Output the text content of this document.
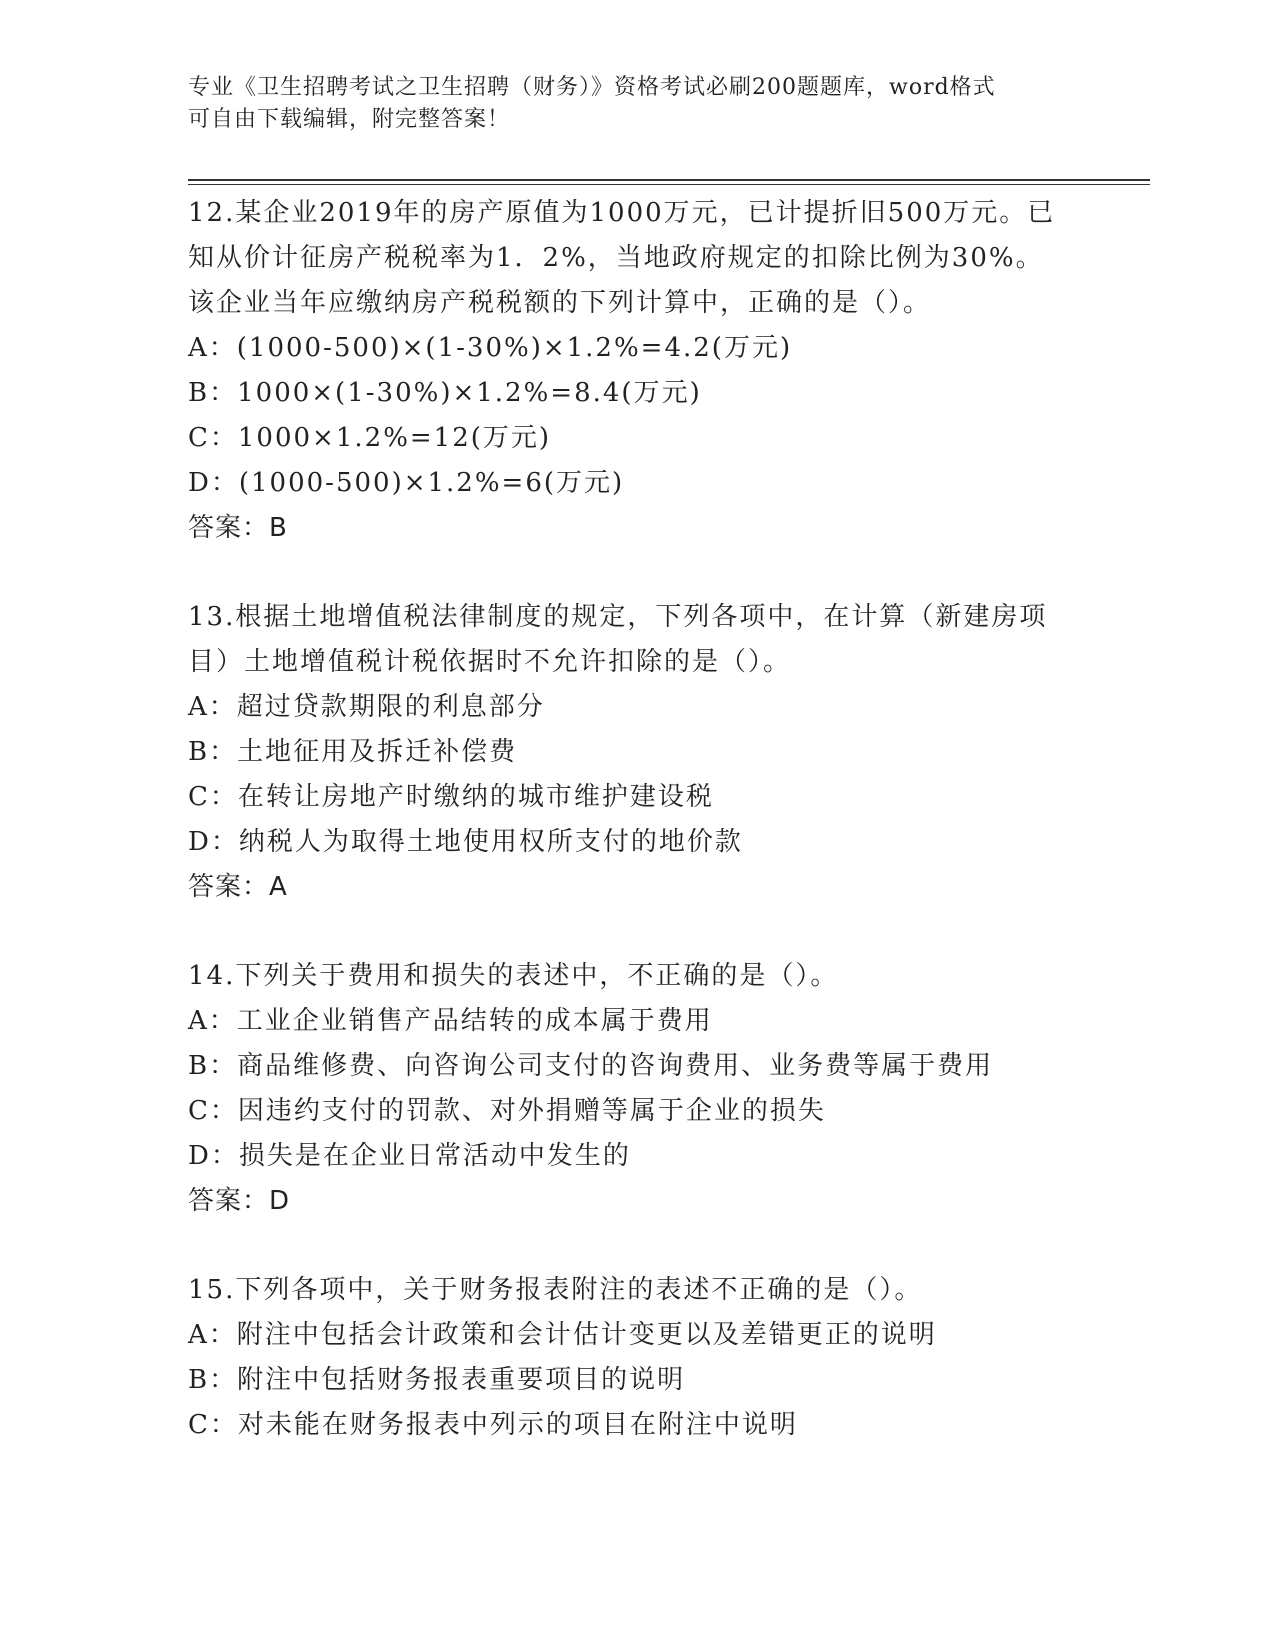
专业《卫生招聘考试之卫生招聘（财务）》资格考试必刷200题题库，word格式
可自由下载编辑，附完整答案！

12.某企业2019年的房产原值为1000万元，已计提折旧500万元。已

知从价计征房产税税率为1．2%，当地政府规定的扣除比例为30%。

该企业当年应缴纳房产税税额的下列计算中，正确的是（）。

A：(1000-500)×(1-30%)×1.2%=4.2(万元)

B：1000×(1-30%)×1.2%=8.4(万元)

C：1000×1.2%=12(万元)

D：(1000-500)×1.2%=6(万元)

答案：B

13.根据土地增值税法律制度的规定，下列各项中，在计算（新建房项

目）土地增值税计税依据时不允许扣除的是（）。

A：超过贷款期限的利息部分

B：土地征用及拆迁补偿费

C：在转让房地产时缴纳的城市维护建设税

D：纳税人为取得土地使用权所支付的地价款

答案：A

14.下列关于费用和损失的表述中，不正确的是（）。

A：工业企业销售产品结转的成本属于费用

B：商品维修费、向咨询公司支付的咨询费用、业务费等属于费用

C：因违约支付的罚款、对外捐赠等属于企业的损失

D：损失是在企业日常活动中发生的

答案：D

15.下列各项中，关于财务报表附注的表述不正确的是（）。

A：附注中包括会计政策和会计估计变更以及差错更正的说明

B：附注中包括财务报表重要项目的说明

C：对未能在财务报表中列示的项目在附注中说明
